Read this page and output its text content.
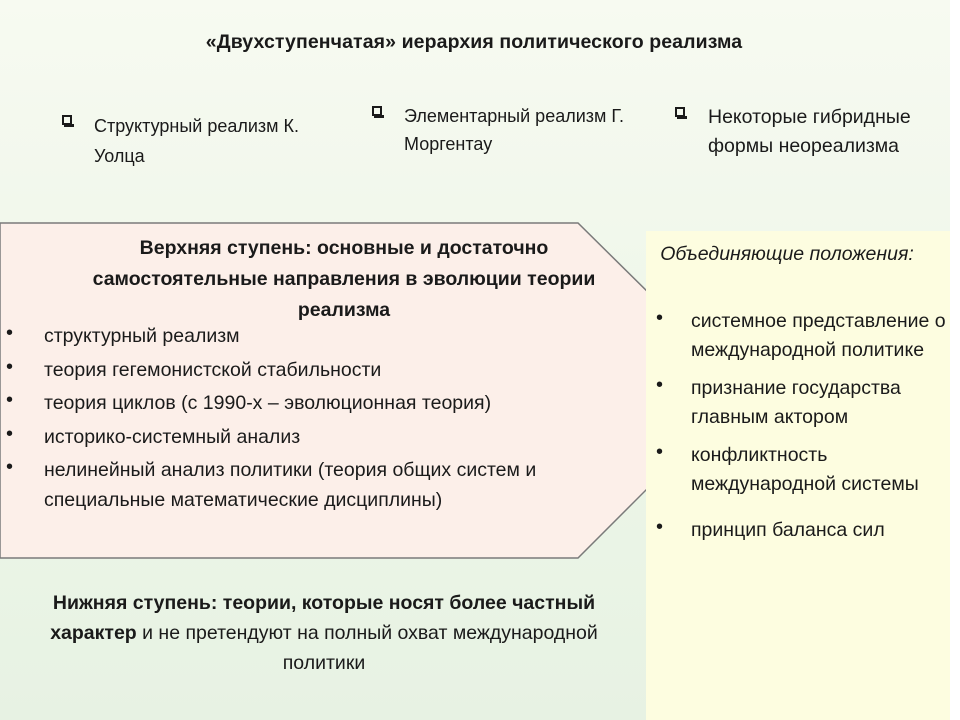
«Двухступенчатая» иерархия политического реализма
Структурный реализм К. Уолца
Элементарный реализм Г. Моргентау
Некоторые гибридные формы неореализма
Верхняя ступень: основные и достаточно самостоятельные направления в эволюции теории реализма
• структурный реализм
• теория гегемонистской стабильности
• теория циклов (с 1990-х – эволюционная теория)
• историко-системный анализ
• нелинейный анализ политики (теория общих систем и специальные математические дисциплины)
Нижняя ступень: теории, которые носят более частный характер и не претендуют на полный охват международной политики
Объединяющие положения:
• системное представление о международной политике
• признание государства главным актором
• конфликтность международной системы
• принцип баланса сил
